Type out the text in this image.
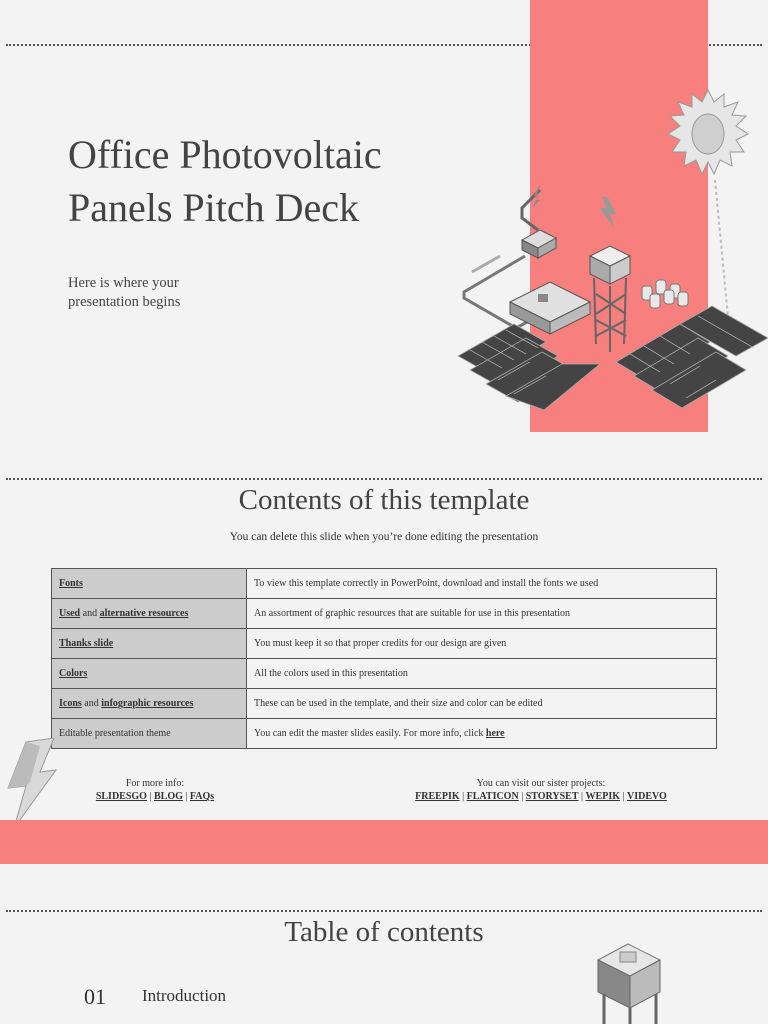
Office Photovoltaic
Panels Pitch Deck
Here is where your
presentation begins
Contents of this template
You can delete this slide when you’re done editing the presentation
Fonts	To view this template correctly in PowerPoint, download and install the fonts we used
Used and alternative resources	An assortment of graphic resources that are suitable for use in this presentation
Thanks slide	You must keep it so that proper credits for our design are given
Colors	All the colors used in this presentation
Icons and infographic resources	These can be used in the template, and their size and color can be edited
Editable presentation theme	You can edit the master slides easily. For more info, click here
For more info:
SLIDESGO | BLOG | FAQs
You can visit our sister projects:
FREEPIK | FLATICON | STORYSET | WEPIK | VIDEVO
Table of contents
01 Introduction
